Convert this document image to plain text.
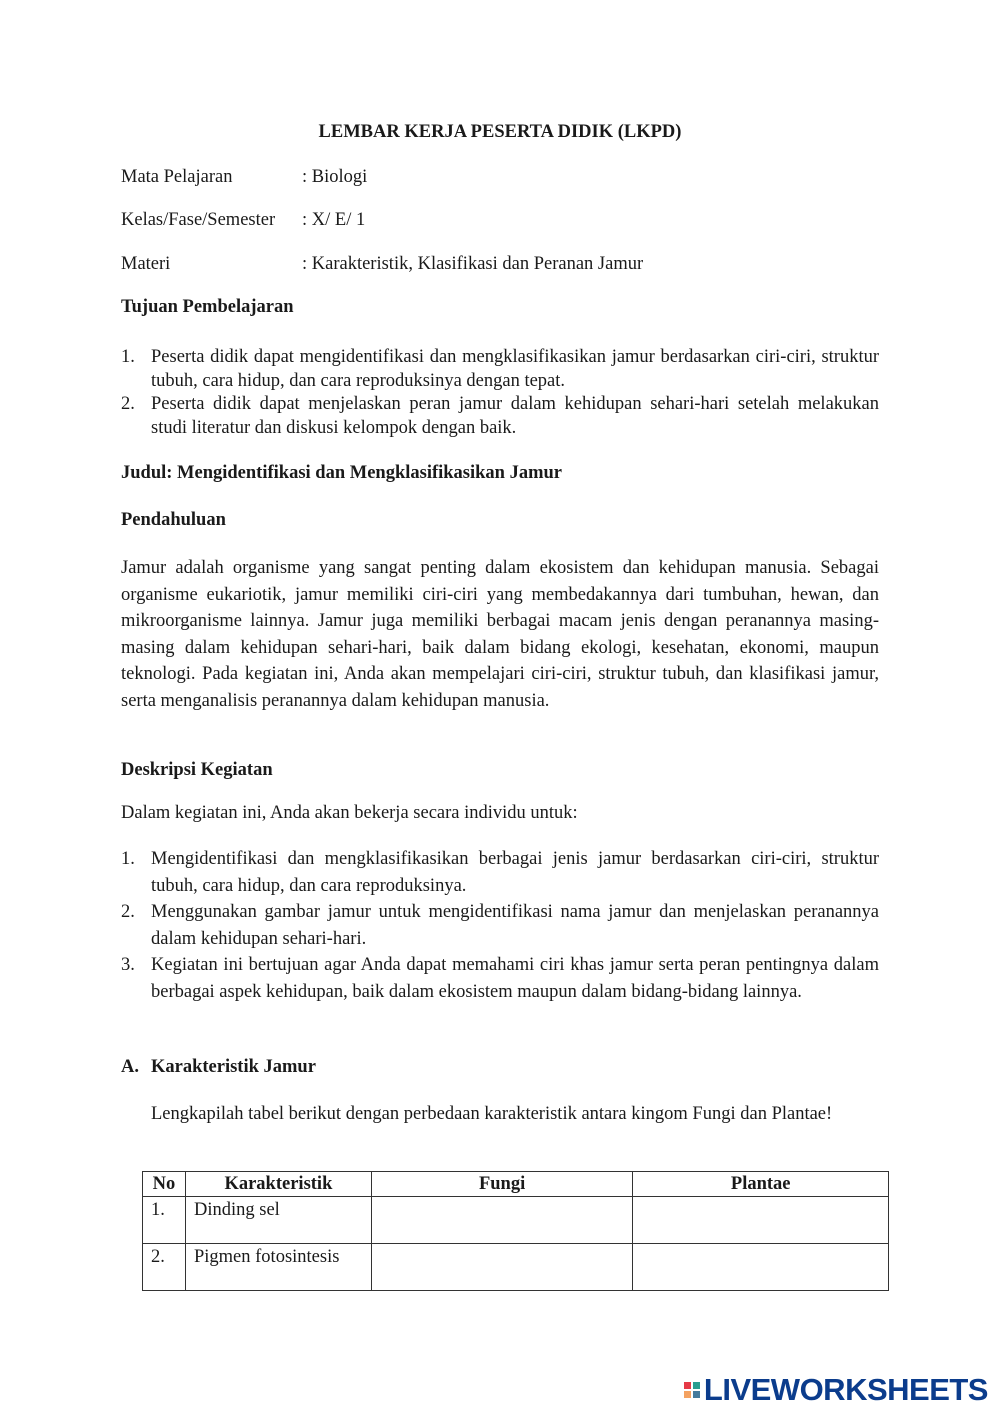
LEMBAR KERJA PESERTA DIDIK (LKPD)
Mata Pelajaran	: Biologi
Kelas/Fase/Semester : X/ E/ 1
Materi	: Karakteristik, Klasifikasi dan Peranan Jamur
Tujuan Pembelajaran
1. Peserta didik dapat mengidentifikasi dan mengklasifikasikan jamur berdasarkan ciri-ciri, struktur tubuh, cara hidup, dan cara reproduksinya dengan tepat.
2. Peserta didik dapat menjelaskan peran jamur dalam kehidupan sehari-hari setelah melakukan studi literatur dan diskusi kelompok dengan baik.
Judul: Mengidentifikasi dan Mengklasifikasikan Jamur
Pendahuluan
Jamur adalah organisme yang sangat penting dalam ekosistem dan kehidupan manusia. Sebagai organisme eukariotik, jamur memiliki ciri-ciri yang membedakannya dari tumbuhan, hewan, dan mikroorganisme lainnya. Jamur juga memiliki berbagai macam jenis dengan peranannya masing-masing dalam kehidupan sehari-hari, baik dalam bidang ekologi, kesehatan, ekonomi, maupun teknologi. Pada kegiatan ini, Anda akan mempelajari ciri-ciri, struktur tubuh, dan klasifikasi jamur, serta menganalisis peranannya dalam kehidupan manusia.
Deskripsi Kegiatan
Dalam kegiatan ini, Anda akan bekerja secara individu untuk:
1. Mengidentifikasi dan mengklasifikasikan berbagai jenis jamur berdasarkan ciri-ciri, struktur tubuh, cara hidup, dan cara reproduksinya.
2. Menggunakan gambar jamur untuk mengidentifikasi nama jamur dan menjelaskan peranannya dalam kehidupan sehari-hari.
3. Kegiatan ini bertujuan agar Anda dapat memahami ciri khas jamur serta peran pentingnya dalam berbagai aspek kehidupan, baik dalam ekosistem maupun dalam bidang-bidang lainnya.
A. Karakteristik Jamur
Lengkapilah tabel berikut dengan perbedaan karakteristik antara kingom Fungi dan Plantae!
No	Karakteristik	Fungi	Plantae
1.	Dinding sel		
2.	Pigmen fotosintesis		
LIVEWORKSHEETS
